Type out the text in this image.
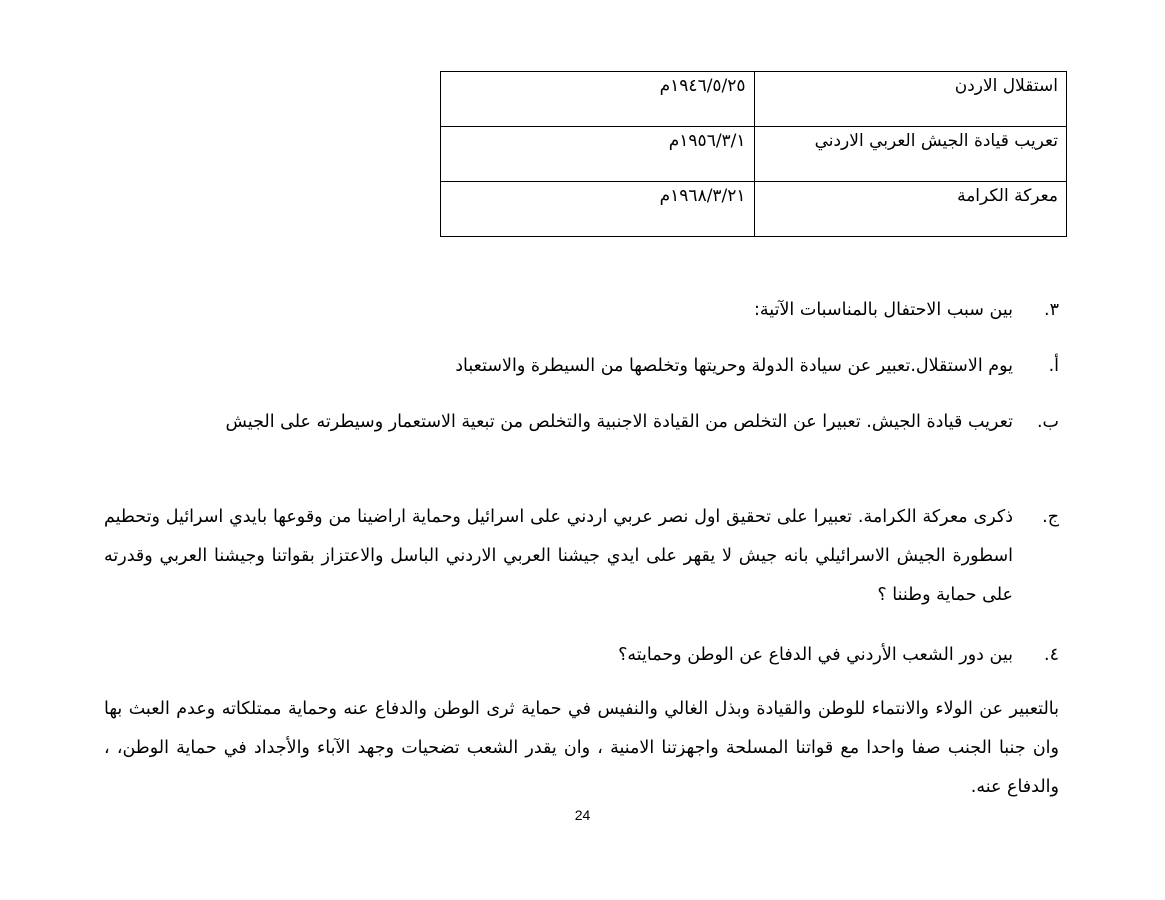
استقلال الاردن	١٩٤٦/٥/٢٥م
تعريب قيادة الجيش العربي الاردني	١٩٥٦/٣/١م
معركة الكرامة	١٩٦٨/٣/٢١م
٣.
بين سبب الاحتفال بالمناسبات الآتية:
أ.
يوم الاستقلال.تعبير عن سيادة الدولة وحريتها وتخلصها من السيطرة والاستعباد
ب.
تعريب قيادة الجيش. تعبيرا عن التخلص من القيادة الاجنبية والتخلص من تبعية الاستعمار وسيطرته على الجيش
ج.
ذكرى معركة الكرامة. تعبيرا على تحقيق اول نصر عربي اردني على اسرائيل وحماية اراضينا من وقوعها بايدي اسرائيل وتحطيم اسطورة الجيش الاسرائيلي بانه جيش لا يقهر على ايدي جيشنا العربي الاردني الباسل والاعتزاز بقواتنا وجيشنا العربي وقدرته على حماية وطننا ؟
٤.
بين دور الشعب الأردني في الدفاع عن الوطن وحمايته؟
بالتعبير عن الولاء والانتماء للوطن والقيادة وبذل الغالي والنفيس في حماية ثرى الوطن والدفاع عنه وحماية ممتلكاته وعدم العبث بها وان جنبا الجنب صفا واحدا مع قواتنا المسلحة واجهزتنا الامنية ، وان يقدر الشعب تضحيات وجهد الآباء والأجداد في حماية الوطن، ، والدفاع عنه.
24
